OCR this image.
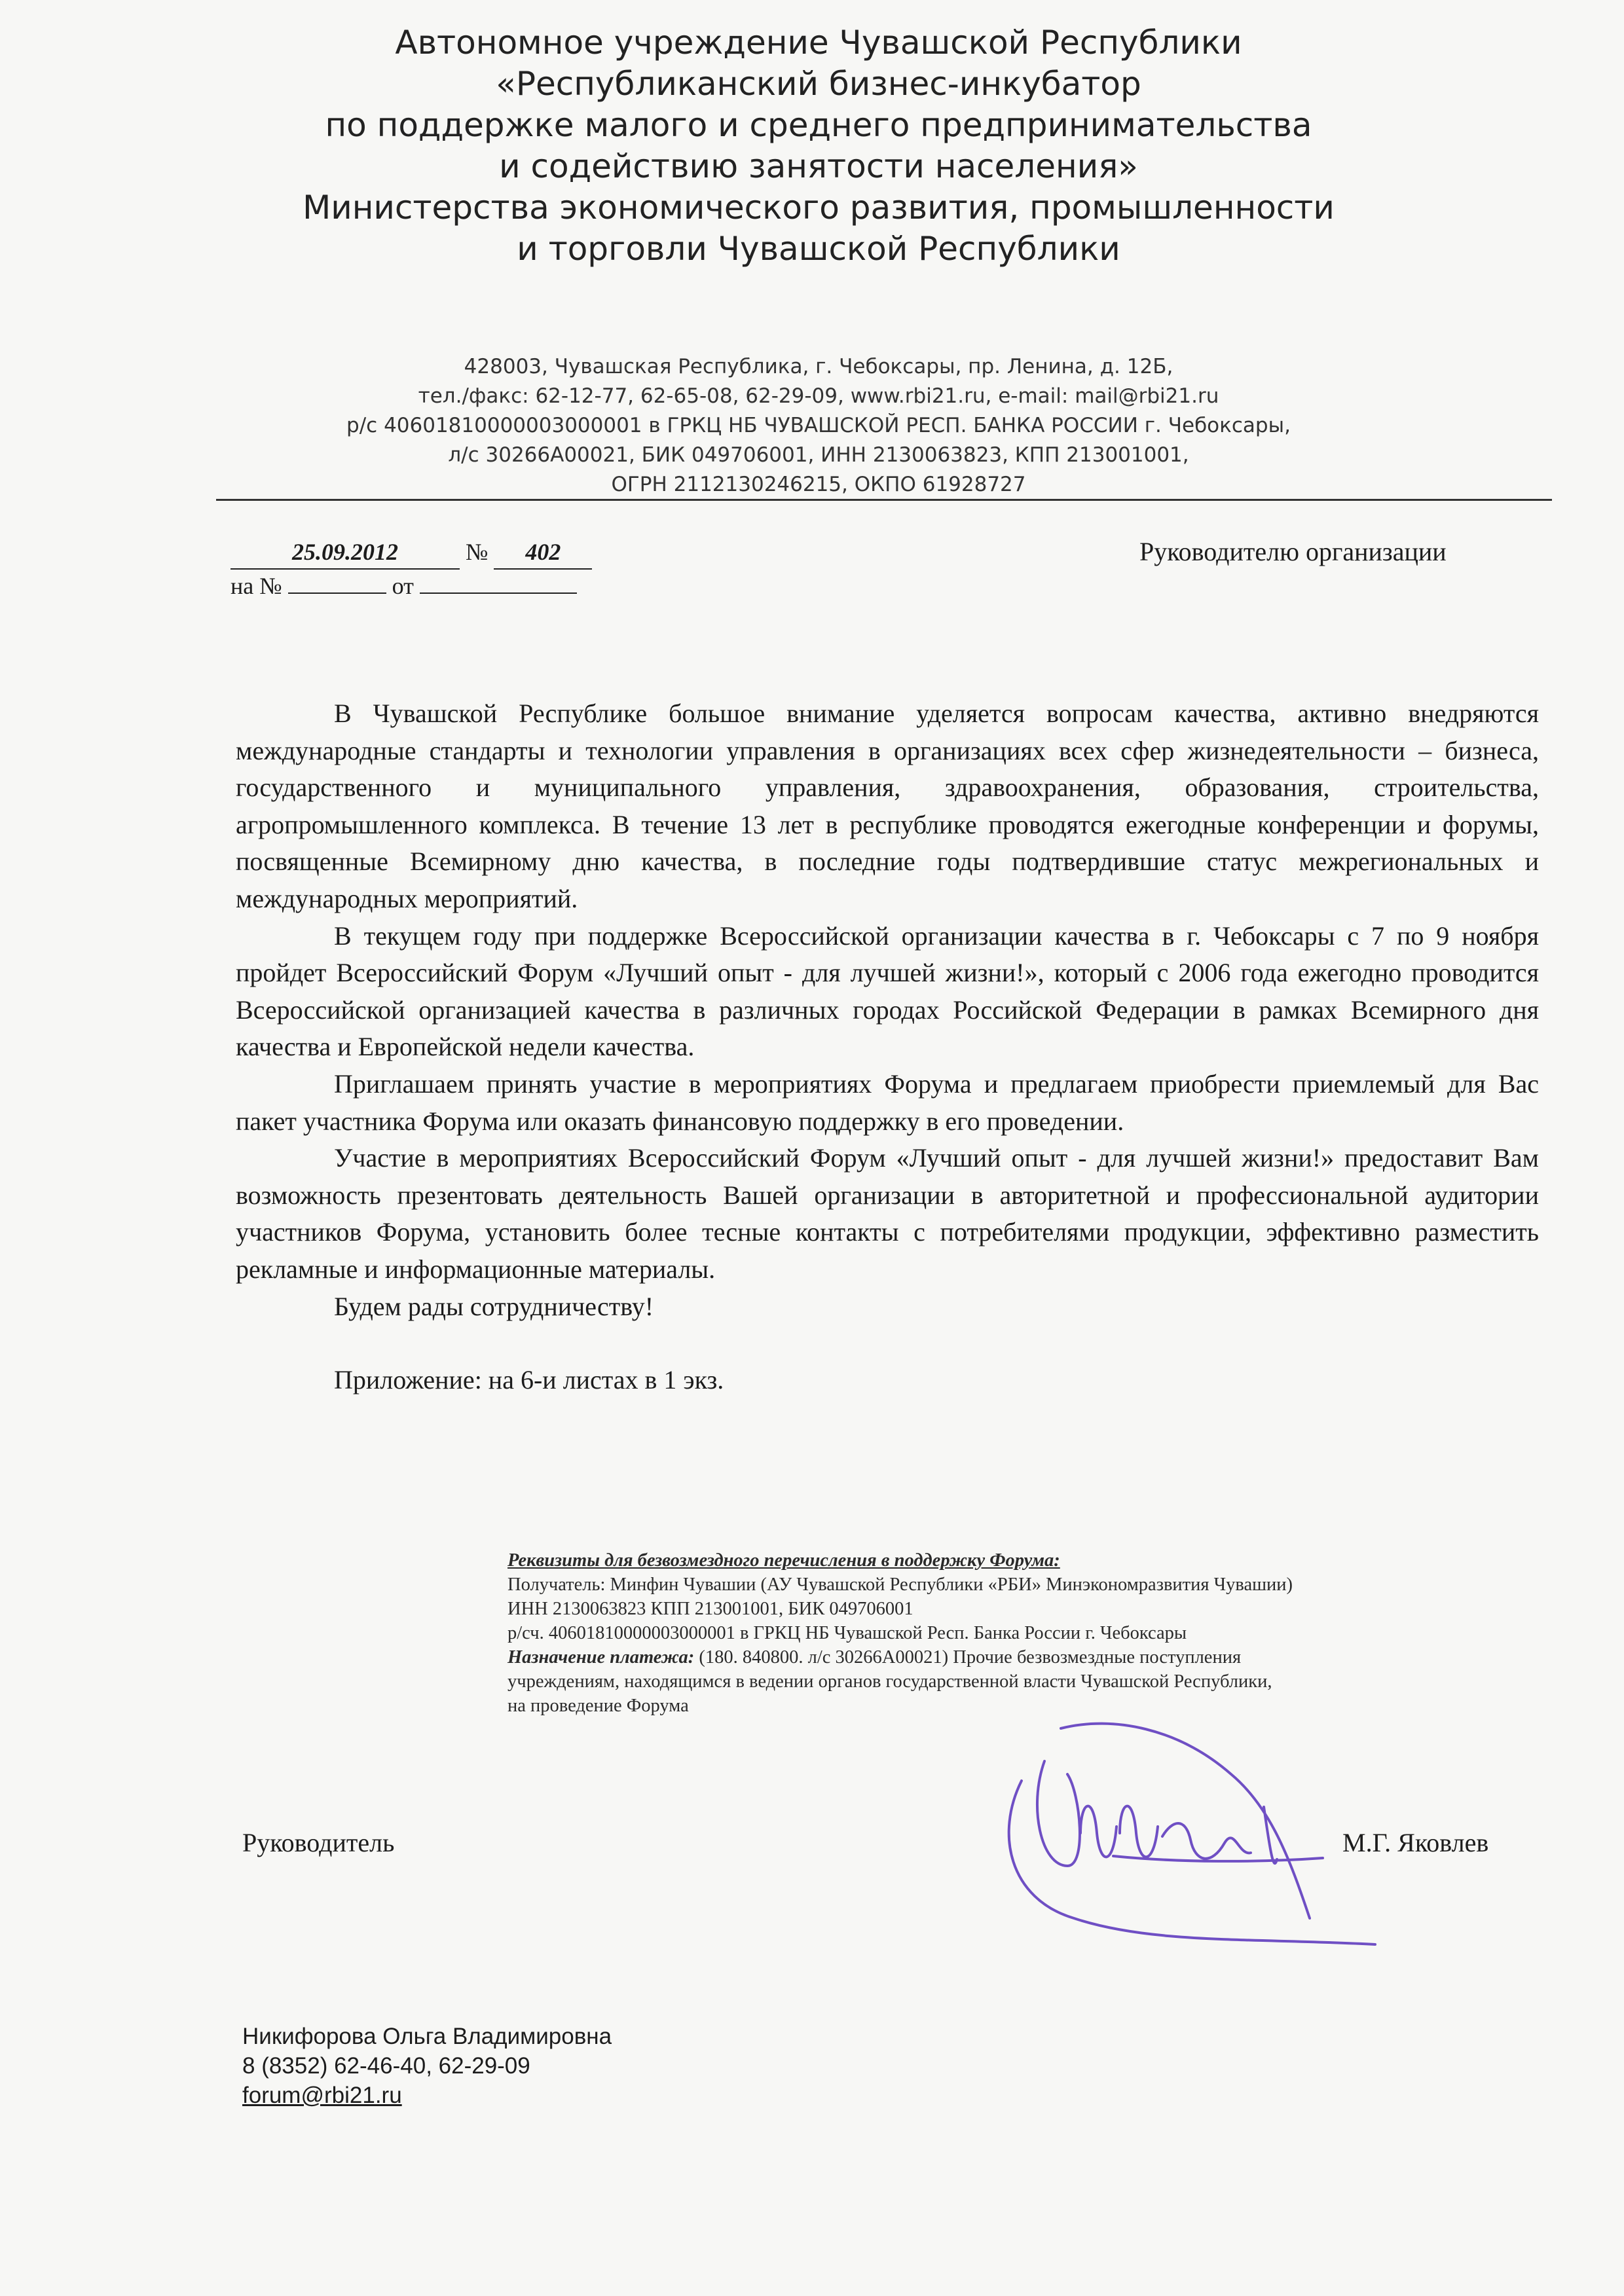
Автономное учреждение Чувашской Республики
«Республиканский бизнес-инкубатор
по поддержке малого и среднего предпринимательства
и содействию занятости населения»
Министерства экономического развития, промышленности
и торговли Чувашской Республики
428003, Чувашская Республика, г. Чебоксары, пр. Ленина, д. 12Б,
тел./факс: 62-12-77, 62-65-08, 62-29-09, www.rbi21.ru, e-mail: mail@rbi21.ru
р/с 40601810000003000001 в ГРКЦ НБ ЧУВАШСКОЙ РЕСП. БАНКА РОССИИ г. Чебоксары,
л/с 30266А00021, БИК 049706001, ИНН 2130063823, КПП 213001001,
ОГРН 2112130246215, ОКПО 61928727
25.09.2012	№ 402
на №	от
Руководителю организации

В Чувашской Республике большое внимание уделяется вопросам качества, активно внедряются международные стандарты и технологии управления в организациях всех сфер жизнедеятельности – бизнеса, государственного и муниципального управления, здравоохранения, образования, строительства, агропромышленного комплекса. В течение 13 лет в республике проводятся ежегодные конференции и форумы, посвященные Всемирному дню качества, в последние годы подтвердившие статус межрегиональных и международных мероприятий.

В текущем году при поддержке Всероссийской организации качества в г. Чебоксары с 7 по 9 ноября пройдет Всероссийский Форум «Лучший опыт - для лучшей жизни!», который с 2006 года ежегодно проводится Всероссийской организацией качества в различных городах Российской Федерации в рамках Всемирного дня качества и Европейской недели качества.

Приглашаем принять участие в мероприятиях Форума и предлагаем приобрести приемлемый для Вас пакет участника Форума или оказать финансовую поддержку в его проведении.

Участие в мероприятиях Всероссийский Форум «Лучший опыт - для лучшей жизни!» предоставит Вам возможность презентовать деятельность Вашей организации в авторитетной и профессиональной аудитории участников Форума, установить более тесные контакты с потребителями продукции, эффективно разместить рекламные и информационные материалы.

Будем рады сотрудничеству!

Приложение: на 6-и листах в 1 экз.

Реквизиты для безвозмездного перечисления в поддержку Форума:
Получатель: Минфин Чувашии (АУ Чувашской Республики «РБИ» Минэкономразвития Чувашии)
ИНН 2130063823 КПП 213001001, БИК 049706001
р/сч. 40601810000003000001 в ГРКЦ НБ Чувашской Респ. Банка России г. Чебоксары
Назначение платежа: (180. 840800. л/с 30266А00021) Прочие безвозмездные поступления
учреждениям, находящимся в ведении органов государственной власти Чувашской Республики,
на проведение Форума
Руководитель	М.Г. Яковлев
Никифорова Ольга Владимировна
8 (8352) 62-46-40, 62-29-09
forum@rbi21.ru
